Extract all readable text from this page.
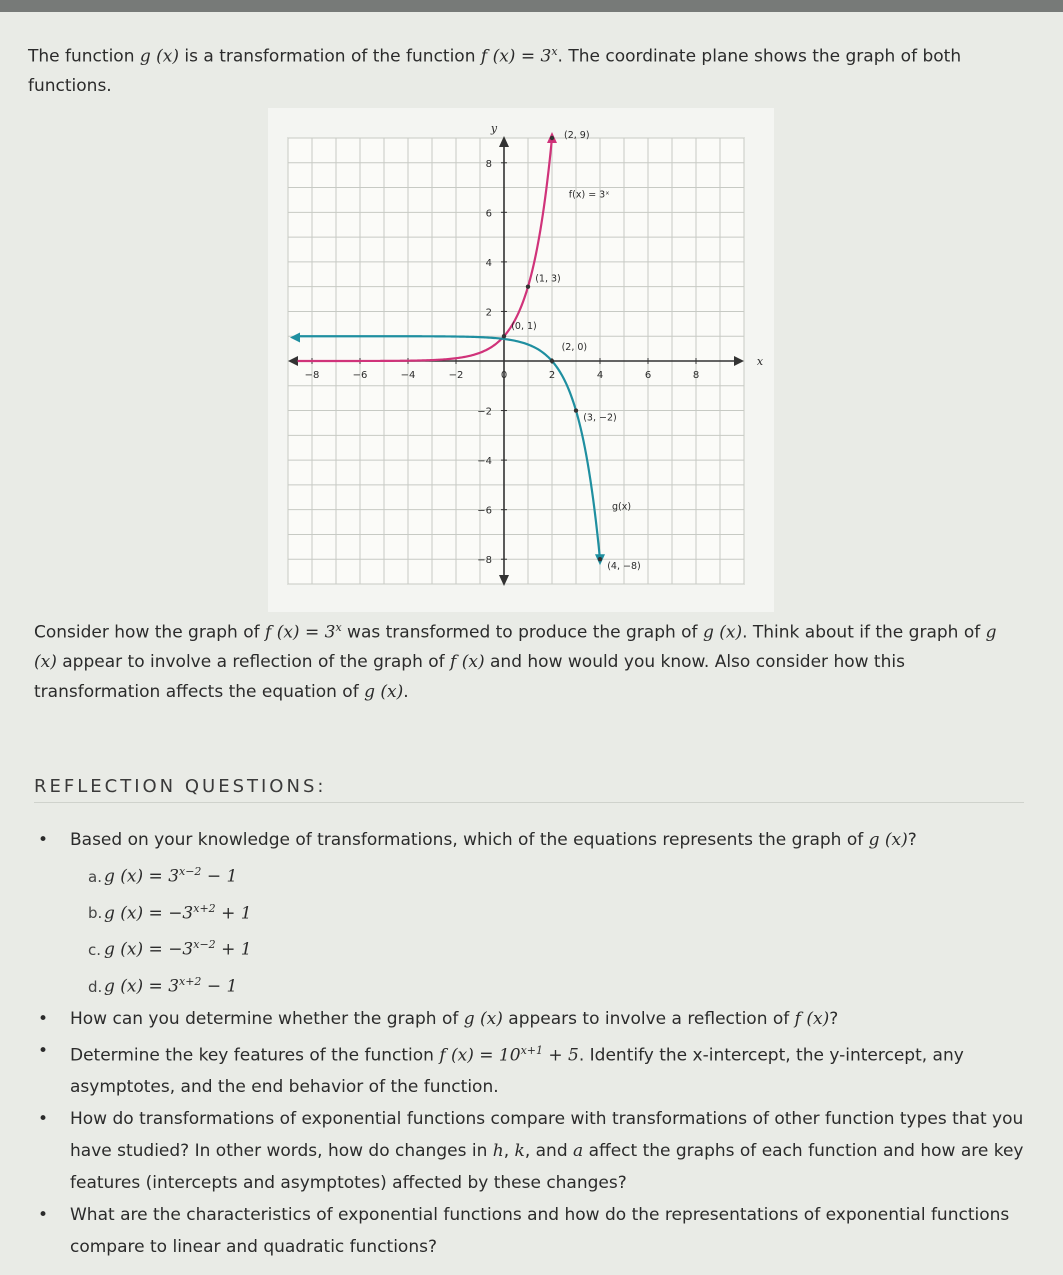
The function g (x) is a transformation of the function f $(x) = 3^x$. The coordinate plane shows the graph of both functions.
y
x
−8	−6	−4	−2	0	2	4	6	8
8
6
4
2
−2
−4
−6
−8
(2, 9)
(1, 3)
(0, 1)
(2, 0)
(3, −2)
(4, −8)
f(x) = 3ˣ
g(x)
Consider how the graph of f $(x) = 3^x$ was transformed to produce the graph of g (x). Think about if the graph of g (x) appear to involve a reflection of the graph of f (x) and how would you know. Also consider how this transformation affects the equation of g (x).
REFLECTION QUESTIONS:
• Based on your knowledge of transformations, which of the equations represents the graph of g (x)?
a. g $(x) = 3^{x-2} - 1$
b. g $(x) = -3^{x+2} + 1$
c. g $(x) = -3^{x-2} + 1$
d. g $(x) = 3^{x+2} - 1$
• How can you determine whether the graph of g (x) appears to involve a reflection of f (x)?
• Determine the key features of the function f $(x) = 10^{x+1} + 5$. Identify the x-intercept, the y-intercept, any asymptotes, and the end behavior of the function.
• How do transformations of exponential functions compare with transformations of other function types that you have studied? In other words, how do changes in h, k, and a affect the graphs of each function and how are key features (intercepts and asymptotes) affected by these changes?
• What are the characteristics of exponential functions and how do the representations of exponential functions compare to linear and quadratic functions?
